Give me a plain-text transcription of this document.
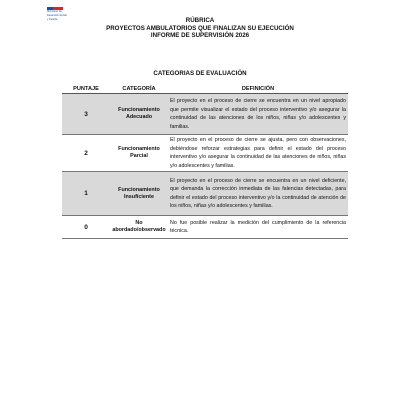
Ministerio de
Desarrollo Social
y Familia	RÚBRICA
PROYECTOS AMBULATORIOS QUE FINALIZAN SU EJECUCIÓN
INFORME DE SUPERVISIÓN 2026
CATEGORIAS DE EVALUACIÓN
PUNTAJE	CATEGORÍA	DEFINICIÓN
3	Funcionamiento Adecuado	El proyecto en el proceso de cierre se encuentra en un nivel apropiado que permite visualizar el estado del proceso interventivo y/o asegurar la continuidad de las atenciones de los niños, niñas y/o adolescentes y familias.
2	Funcionamiento Parcial	El proyecto en el proceso de cierre se ajusta, pero con observaciones, debiéndose reforzar estrategias para definir el estado del proceso interventivo y/o asegurar la continuidad de las atenciones de niños, niñas y/o adolescentes y familias.
1	Funcionamiento Insuficiente	El proyecto en el proceso de cierre se encuentra en un nivel deficiente, que demanda la corrección inmediata de las falencias detectadas, para definir el estado del proceso interventivo y/o la continuidad de atención de los niños, niñas y/o adolescentes y familias.
0	No abordado/observado	No fue posible realizar la medición del cumplimiento de la referencia técnica.
